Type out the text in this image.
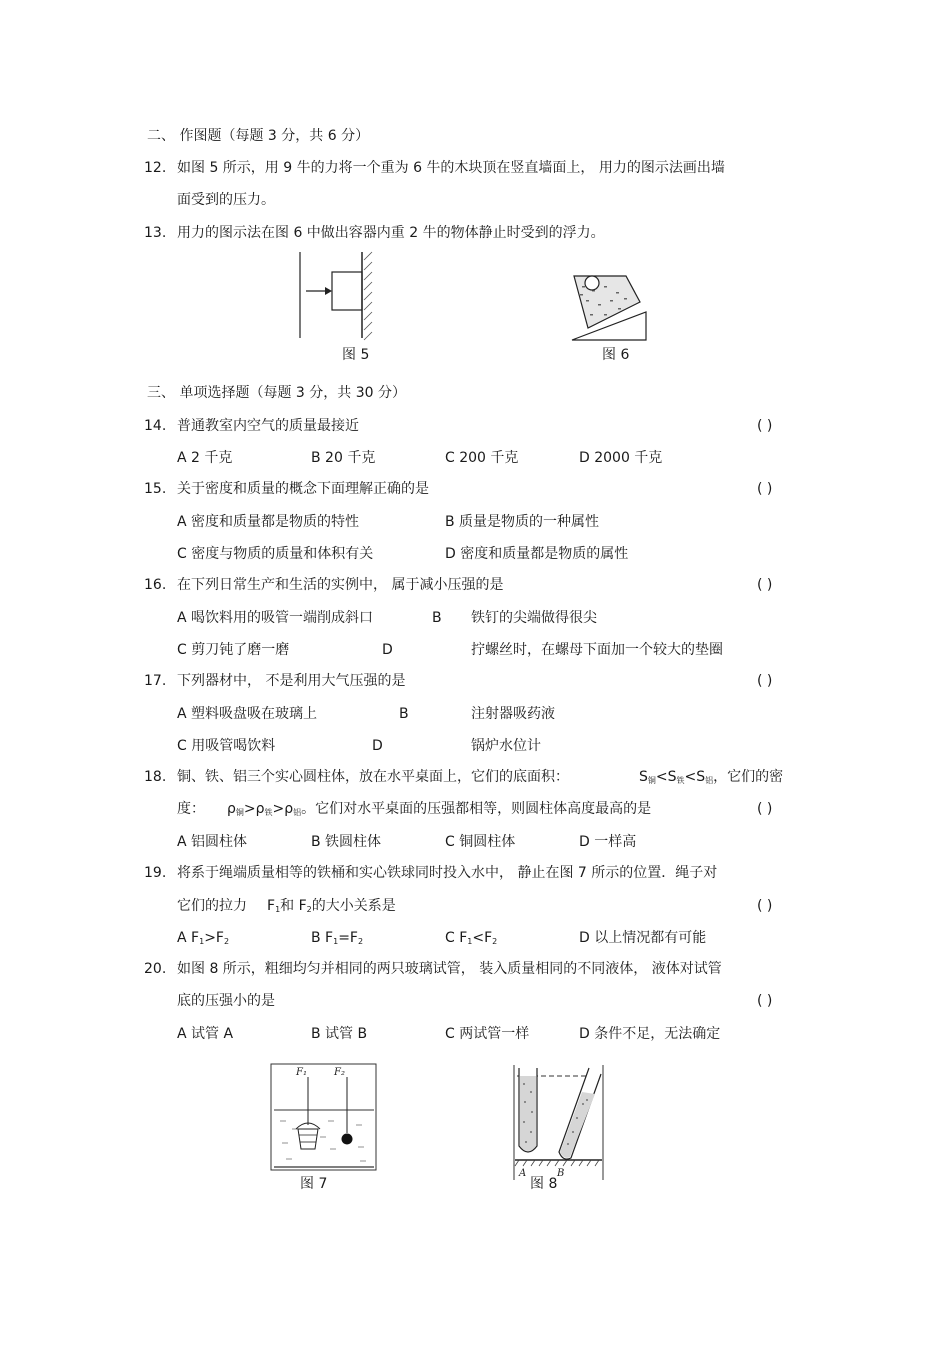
二、 作图题（每题 3 分，共 6 分）
12. 如图 5 所示，用 9 牛的力将一个重为 6 牛的木块顶在竖直墙面上， 用力的图示法画出墙
面受到的压力。
13. 用力的图示法在图 6 中做出容器内重 2 牛的物体静止时受到的浮力。
图 5	图 6
三、 单项选择题（每题 3 分，共 30 分）
14. 普通教室内空气的质量最接近	( )
A 2 千克	B 20 千克	C 200 千克	D 2000 千克
15. 关于密度和质量的概念下面理解正确的是	( )
A 密度和质量都是物质的特性	B 质量是物质的一种属性
C 密度与物质的质量和体积有关	D 密度和质量都是物质的属性
16. 在下列日常生产和生活的实例中， 属于减小压强的是	( )
A 喝饮料用的吸管一端削成斜口	B 铁钉的尖端做得很尖
C 剪刀钝了磨一磨	D	拧螺丝时，在螺母下面加一个较大的垫圈
17. 下列器材中， 不是利用大气压强的是	( )
A 塑料吸盘吸在玻璃上	B	注射器吸药液
C 用吸管喝饮料	D	锅炉水位计
18. 铜、铁、铝三个实心圆柱体，放在水平桌面上，它们的底面积：	$S_铜<S_铁<S_铝$，它们的密
度： $\rho_铜>\rho_铁>\rho_铝$。它们对水平桌面的压强都相等，则圆柱体高度最高的是	( )
A 铝圆柱体	B 铁圆柱体	C 铜圆柱体	D 一样高
19. 将系于绳端质量相等的铁桶和实心铁球同时投入水中， 静止在图 7 所示的位置．绳子对
它们的拉力 $F_1$和 $F_2$的大小关系是	( )
A $F_1>F_2$	B $F_1=F_2$	C $F_1<F_2$	D 以上情况都有可能
20. 如图 8 所示，粗细均匀并相同的两只玻璃试管， 装入质量相同的不同液体， 液体对试管
底的压强小的是	( )
A 试管 A	B 试管 B	C 两试管一样	D 条件不足，无法确定
F₁	F₂
图 7
A	B
图 8
